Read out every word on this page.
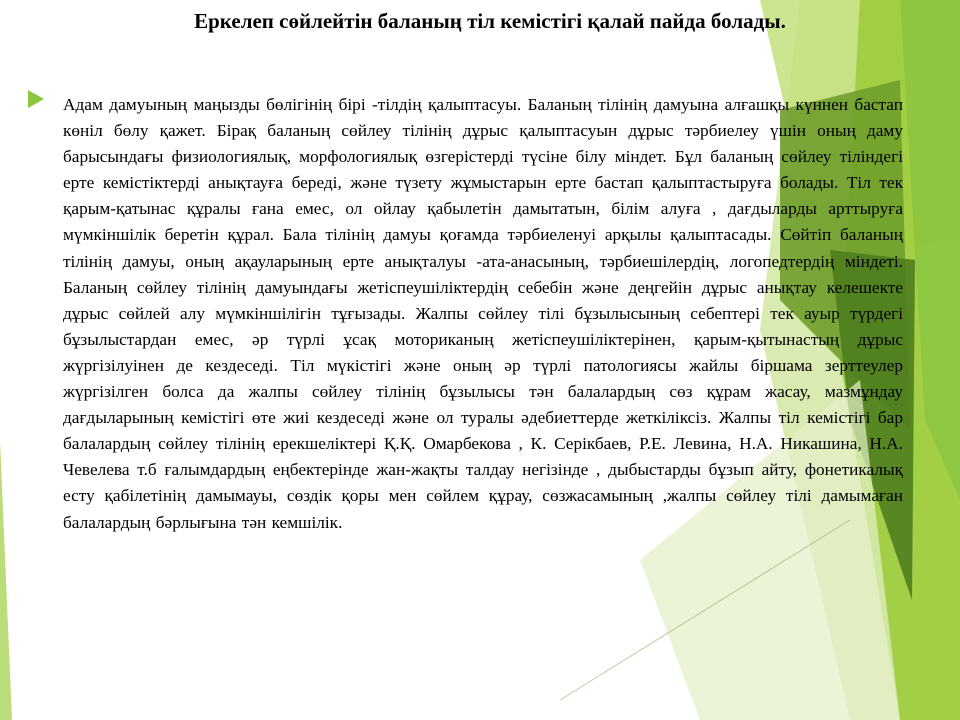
Еркелеп сөйлейтін баланың тіл кемістігі қалай пайда болады.

Адам дамуының маңызды бөлігінің бірі -тілдің қалыптасуы. Баланың тілінің дамуына алғашқы күннен бастап көніл бөлу қажет. Бірақ баланың сөйлеу тілінің дұрыс қалыптасуын дұрыс тәрбиелеу үшін оның даму барысындағы физиологиялық, морфологиялық өзгерістерді түсіне білу міндет. Бұл баланың сөйлеу тіліндегі ерте кемістіктерді анықтауға береді, және түзету жұмыстарын ерте бастап қалыптастыруға болады. Тіл тек қарым-қатынас құралы ғана емес, ол ойлау қабылетін дамытатын, білім алуға , дағдыларды арттыруға мүмкіншілік беретін құрал. Бала тілінің дамуы қоғамда тәрбиеленуі арқылы қалыптасады. Сөйтіп баланың тілінің дамуы, оның ақауларының ерте анықталуы -ата-анасының, тәрбиешілердің, логопедтердің міндеті. Баланың сөйлеу тілінің дамуындағы жетіспеушіліктердің себебін және деңгейін дұрыс анықтау келешекте дұрыс сөйлей алу мүмкіншілігін тұғызады. Жалпы сөйлеу тілі бұзылысының себептері тек ауыр түрдегі бұзылыстардан емес, әр түрлі ұсақ моториканың жетіспеушіліктерінен, қарым-қытынастың дұрыс жүргізілуінен де кездеседі. Тіл мүкістігі және оның әр түрлі патологиясы жайлы біршама зерттеулер жүргізілген болса да жалпы сөйлеу тілінің бұзылысы тән балалардың сөз құрам жасау, мазмұндау дағдыларының кемістігі өте жиі кездеседі және ол туралы әдебиеттерде жеткіліксіз. Жалпы тіл кемістігі бар балалардың сөйлеу тілінің ерекшеліктері Қ.Қ. Омарбекова , К. Серікбаев, Р.Е. Левина, Н.А. Никашина, Н.А. Чевелева т.б ғалымдардың еңбектерінде жан-жақты талдау негізінде , дыбыстарды бұзып айту, фонетикалық есту қабілетінің дамымауы, сөздік қоры мен сөйлем құрау, сөзжасамының ,жалпы сөйлеу тілі дамымаған балалардың бәрлығына тән кемшілік.
